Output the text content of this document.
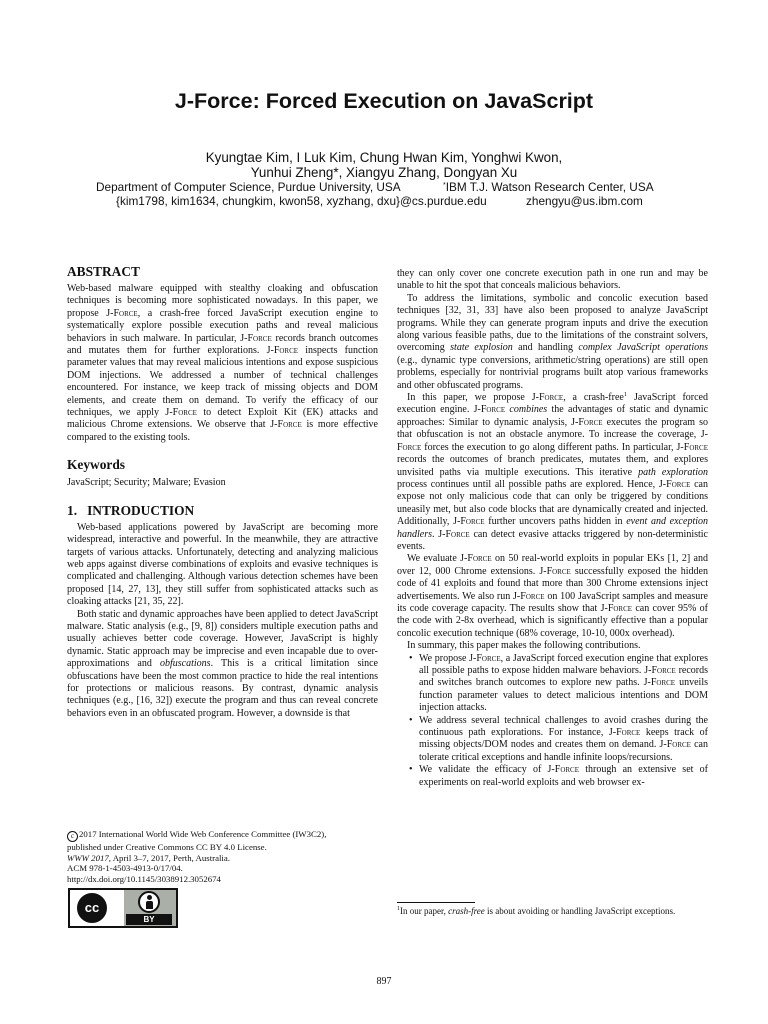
J-Force: Forced Execution on JavaScript
Kyungtae Kim, I Luk Kim, Chung Hwan Kim, Yonghwi Kwon,
Yunhui Zheng*, Xiangyu Zhang, Dongyan Xu
Department of Computer Science, Purdue University, USA	*IBM T.J. Watson Research Center, USA
{kim1798, kim1634, chungkim, kwon58, xyzhang, dxu}@cs.purdue.edu	zhengyu@us.ibm.com
ABSTRACT

Web-based malware equipped with stealthy cloaking and obfuscation techniques is becoming more sophisticated nowadays. In this paper, we propose J-Force, a crash-free forced JavaScript execution engine to systematically explore possible execution paths and reveal malicious behaviors in such malware. In particular, J-Force records branch outcomes and mutates them for further explorations. J-Force inspects function parameter values that may reveal malicious intentions and expose suspicious DOM injections. We addressed a number of technical challenges encountered. For instance, we keep track of missing objects and DOM elements, and create them on demand. To verify the efficacy of our techniques, we apply J-Force to detect Exploit Kit (EK) attacks and malicious Chrome extensions. We observe that J-Force is more effective compared to the existing tools.

Keywords

JavaScript; Security; Malware; Evasion

1.   INTRODUCTION

Web-based applications powered by JavaScript are becoming more widespread, interactive and powerful. In the meanwhile, they are attractive targets of various attacks. Unfortunately, detecting and analyzing malicious web apps against diverse combinations of exploits and evasive techniques is complicated and challenging. Although various detection schemes have been proposed [14, 27, 13], they still suffer from sophisticated attacks such as cloaking attacks [21, 35, 22].

Both static and dynamic approaches have been applied to detect JavaScript malware. Static analysis (e.g., [9, 8]) considers multiple execution paths and usually achieves better code coverage. However, JavaScript is highly dynamic. Static approach may be imprecise and even incapable due to over-approximations and obfuscations. This is a critical limitation since obfuscations have been the most common practice to hide the real intentions for protections or malicious reasons. By contrast, dynamic analysis techniques (e.g., [16, 32]) execute the program and thus can reveal concrete behaviors even in an obfuscated program. However, a downside is that

c 2017 International World Wide Web Conference Committee (IW3C2),
published under Creative Commons CC BY 4.0 License.
WWW 2017, April 3–7, 2017, Perth, Australia.
ACM 978-1-4503-4913-0/17/04.
http://dx.doi.org/10.1145/3038912.3052674
cc
BY

they can only cover one concrete execution path in one run and may be unable to hit the spot that conceals malicious behaviors.

To address the limitations, symbolic and concolic execution based techniques [32, 31, 33] have also been proposed to analyze JavaScript programs. While they can generate program inputs and drive the execution along various feasible paths, due to the limitations of the constraint solvers, overcoming state explosion and handling complex JavaScript operations (e.g., dynamic type conversions, arithmetic/string operations) are still open problems, especially for nontrivial programs built atop various frameworks and other obfuscated programs.

In this paper, we propose J-Force, a crash-free$^1$ JavaScript forced execution engine. J-Force combines the advantages of static and dynamic approaches: Similar to dynamic analysis, J-Force executes the program so that obfuscation is not an obstacle anymore. To increase the coverage, J-Force forces the execution to go along different paths. In particular, J-Force records the outcomes of branch predicates, mutates them, and explores unvisited paths via multiple executions. This iterative path exploration process continues until all possible paths are explored. Hence, J-Force can expose not only malicious code that can only be triggered by conditions uneasily met, but also code blocks that are dynamically created and injected. Additionally, J-Force further uncovers paths hidden in event and exception handlers. J-Force can detect evasive attacks triggered by non-deterministic events.

We evaluate J-Force on 50 real-world exploits in popular EKs [1, 2] and over 12, 000 Chrome extensions. J-Force successfully exposed the hidden code of 41 exploits and found that more than 300 Chrome extensions inject advertisements. We also run J-Force on 100 JavaScript samples and measure its code coverage capacity. The results show that J-Force can cover 95% of the code with 2-8x overhead, which is significantly effective than a popular concolic execution technique (68% coverage, 10-10, 000x overhead).

In summary, this paper makes the following contributions.

• We propose J-Force, a JavaScript forced execution engine that explores all possible paths to expose hidden malware behaviors. J-Force records and switches branch outcomes to explore new paths. J-Force unveils function parameter values to detect malicious intentions and DOM injection attacks.
• We address several technical challenges to avoid crashes during the continuous path explorations. For instance, J-Force keeps track of missing objects/DOM nodes and creates them on demand. J-Force can tolerate critical exceptions and handle infinite loops/recursions.
• We validate the efficacy of J-Force through an extensive set of experiments on real-world exploits and web browser ex-
$^1$In our paper, crash-free is about avoiding or handling JavaScript exceptions.
897
